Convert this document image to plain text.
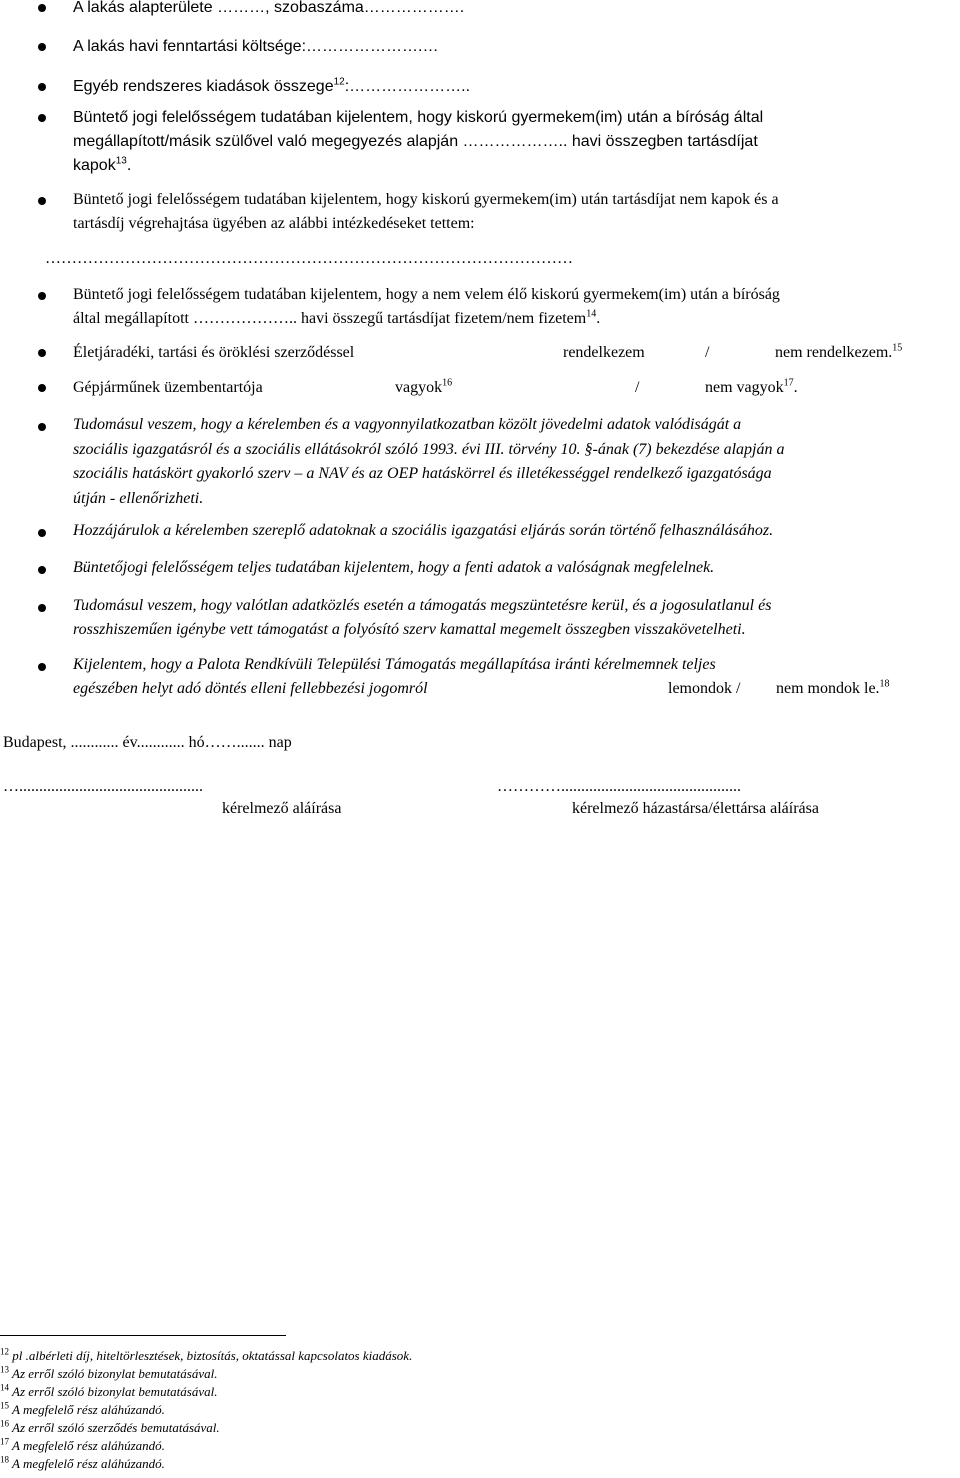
A lakás alapterülete ………, szobaszáma……………….
A lakás havi fenntartási költsége:………………….…
Egyéb rendszeres kiadások összege$^{12}$:…………………..
Büntető jogi felelősségem tudatában kijelentem, hogy kiskorú gyermekem(im) után a bíróság által
megállapított/másik szülővel való megegyezés alapján ……………….. havi összegben tartásdíjat
kapok$^{13}$.
Büntető jogi felelősségem tudatában kijelentem, hogy kiskorú gyermekem(im) után tartásdíjat nem kapok és a
tartásdíj végrehajtása ügyében az alábbi intézkedéseket tettem:
………………………………………………………………………………………
Büntető jogi felelősségem tudatában kijelentem, hogy a nem velem élő kiskorú gyermekem(im) után a bíróság
által megállapított ……………….. havi összegű tartásdíjat fizetem/nem fizetem$^{14}$.
Életjáradéki, tartási és öröklési szerződéssel	rendelkezem	/	nem rendelkezem.$^{15}$
Gépjárműnek üzembentartója	vagyok$^{16}$	/	nem vagyok$^{17}$.
Tudomásul veszem, hogy a kérelemben és a vagyonnyilatkozatban közölt jövedelmi adatok valódiságát a
szociális igazgatásról és a szociális ellátásokról szóló 1993. évi III. törvény 10. §-ának (7) bekezdése alapján a
szociális hatáskört gyakorló szerv – a NAV és az OEP hatáskörrel és illetékességgel rendelkező igazgatósága
útján - ellenőrizheti.
Hozzájárulok a kérelemben szereplő adatoknak a szociális igazgatási eljárás során történő felhasználásához.
Büntetőjogi felelősségem teljes tudatában kijelentem, hogy a fenti adatok a valóságnak megfelelnek.
Tudomásul veszem, hogy valótlan adatközlés esetén a támogatás megszüntetésre kerül, és a jogosulatlanul és
rosszhiszeműen igénybe vett támogatást a folyósító szerv kamattal megemelt összegben visszakövetelheti.
Kijelentem, hogy a Palota Rendkívüli Települési Támogatás megállapítása iránti kérelmemnek teljes
egészében helyt adó döntés elleni fellebbezési jogomról	lemondok / nem mondok le.$^{18}$
Budapest, ............ év............ hó……....... nap
…..............................................
kérelmező aláírása
………….............................................
kérelmező házastársa/élettársa aláírása
$^{12}$ pl .albérleti díj, hiteltörlesztések, biztosítás, oktatással kapcsolatos kiadások.
$^{13}$ Az erről szóló bizonylat bemutatásával.
$^{14}$ Az erről szóló bizonylat bemutatásával.
$^{15}$ A megfelelő rész aláhúzandó.
$^{16}$ Az erről szóló szerződés bemutatásával.
$^{17}$ A megfelelő rész aláhúzandó.
$^{18}$ A megfelelő rész aláhúzandó.
